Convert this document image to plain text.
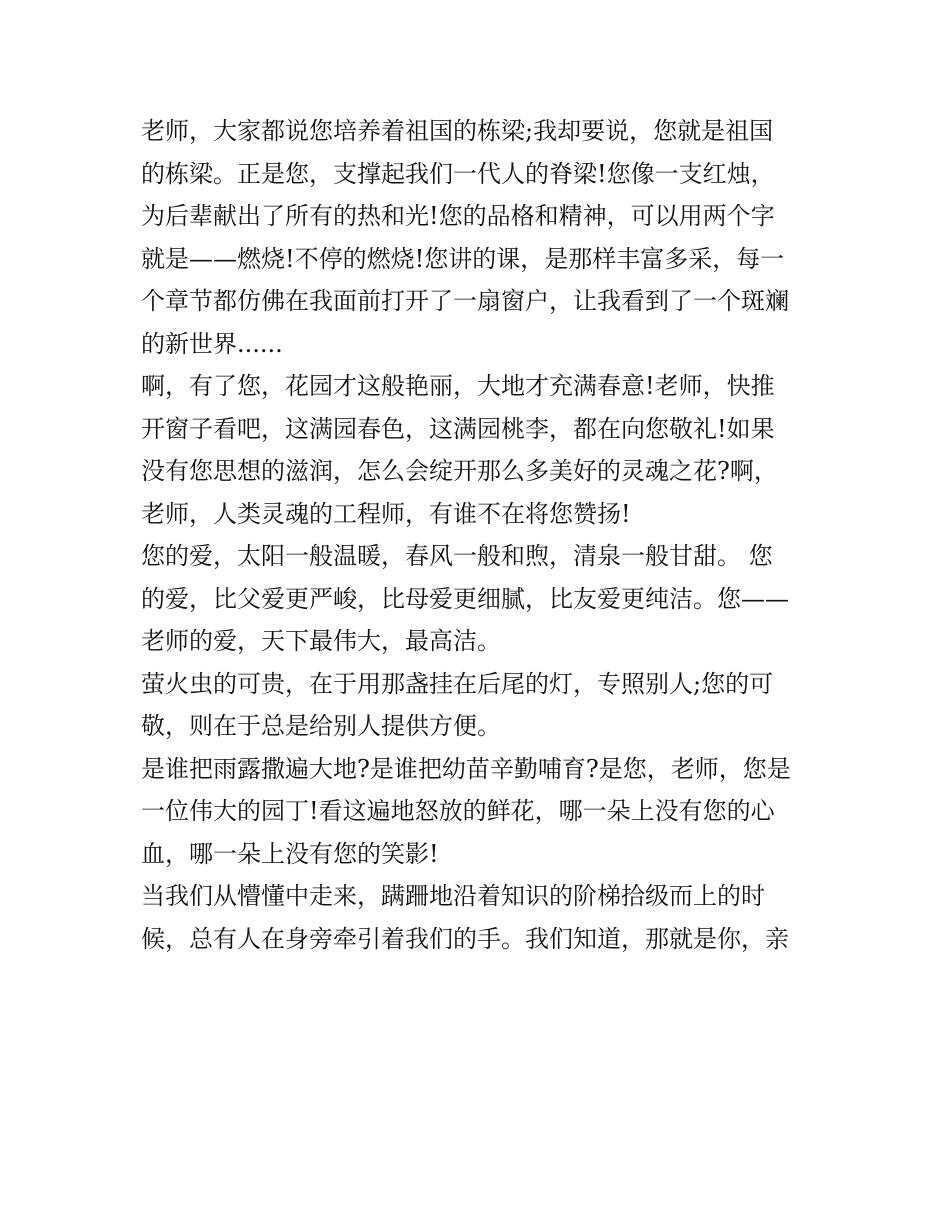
老师，大家都说您培养着祖国的栋梁;我却要说，您就是祖国
的栋梁。正是您，支撑起我们一代人的脊梁!您像一支红烛，
为后辈献出了所有的热和光!您的品格和精神，可以用两个字
就是——燃烧!不停的燃烧!您讲的课，是那样丰富多采，每一
个章节都仿佛在我面前打开了一扇窗户，让我看到了一个斑斓
的新世界......
啊，有了您，花园才这般艳丽，大地才充满春意!老师，快推
开窗子看吧，这满园春色，这满园桃李，都在向您敬礼!如果
没有您思想的滋润，怎么会绽开那么多美好的灵魂之花?啊，
老师，人类灵魂的工程师，有谁不在将您赞扬!
您的爱，太阳一般温暖，春风一般和煦，清泉一般甘甜。 您
的爱，比父爱更严峻，比母爱更细腻，比友爱更纯洁。您——
老师的爱，天下最伟大，最高洁。
萤火虫的可贵，在于用那盏挂在后尾的灯，专照别人;您的可
敬，则在于总是给别人提供方便。
是谁把雨露撒遍大地?是谁把幼苗辛勤哺育?是您，老师，您是
一位伟大的园丁!看这遍地怒放的鲜花，哪一朵上没有您的心
血，哪一朵上没有您的笑影!
当我们从懵懂中走来，蹒跚地沿着知识的阶梯拾级而上的时
候，总有人在身旁牵引着我们的手。我们知道，那就是你，亲
